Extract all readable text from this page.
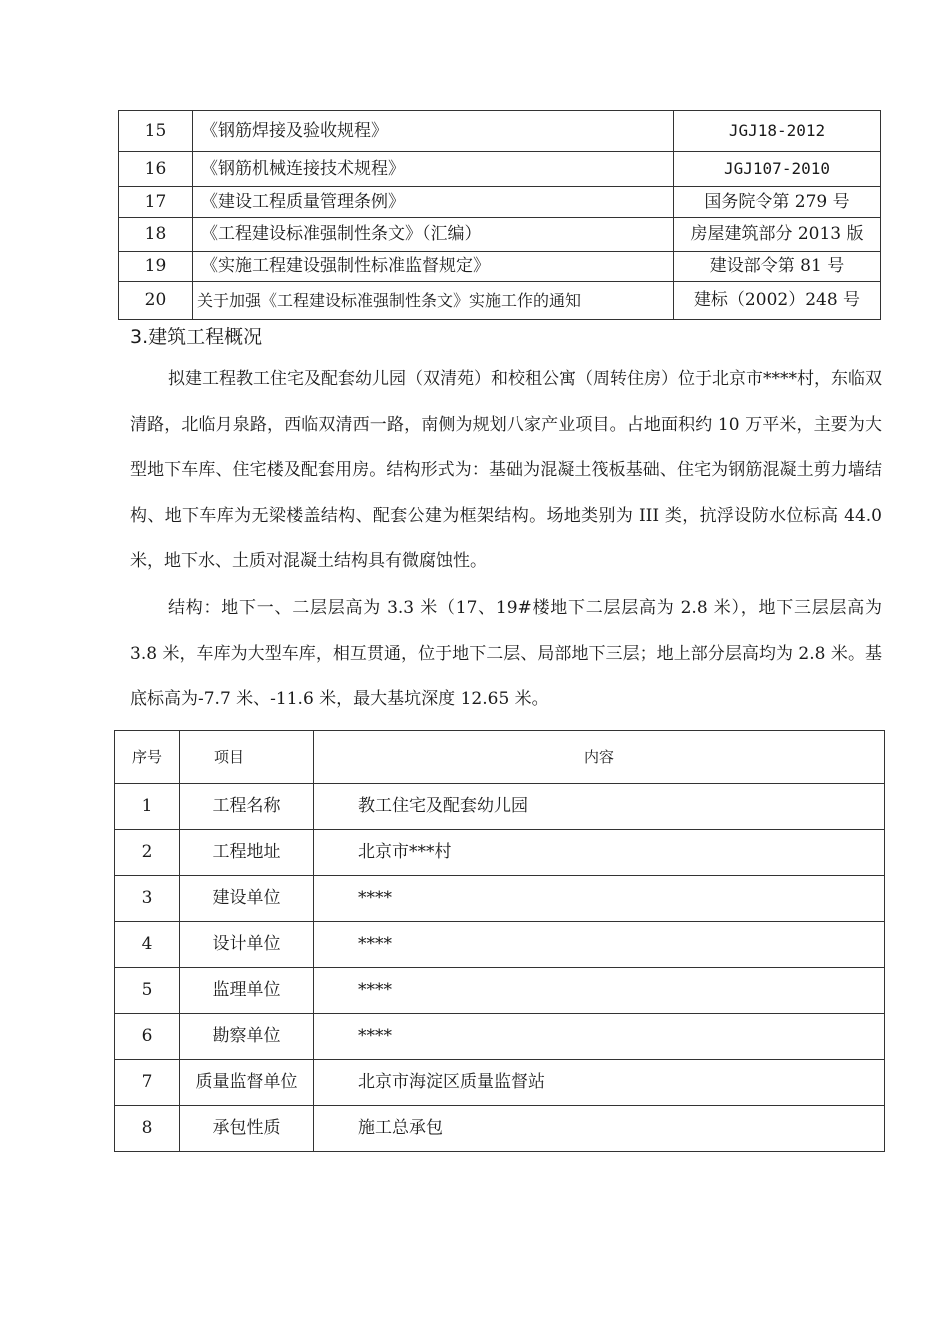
15	《钢筋焊接及验收规程》	JGJ18-2012
16	《钢筋机械连接技术规程》	JGJ107-2010
17	《建设工程质量管理条例》	国务院令第 279 号
18	《工程建设标准强制性条文》（汇编）	房屋建筑部分 2013 版
19	《实施工程建设强制性标准监督规定》	建设部令第 81 号
20	关于加强《工程建设标准强制性条文》实施工作的通知	建标（2002）248 号
3.建筑工程概况

拟建工程教工住宅及配套幼儿园（双清苑）和校租公寓（周转住房）位于北京市****村，东临双清路，北临月泉路，西临双清西一路，南侧为规划八家产业项目。占地面积约 10 万平米，主要为大型地下车库、住宅楼及配套用房。结构形式为：基础为混凝土筏板基础、住宅为钢筋混凝土剪力墙结构、地下车库为无梁楼盖结构、配套公建为框架结构。场地类别为 III 类，抗浮设防水位标高 44.0 米，地下水、土质对混凝土结构具有微腐蚀性。

结构：地下一、二层层高为 3.3 米（17、19#楼地下二层层高为 2.8 米），地下三层层高为 3.8 米，车库为大型车库，相互贯通，位于地下二层、局部地下三层；地上部分层高均为 2.8 米。基底标高为-7.7 米、-11.6 米，最大基坑深度 12.65 米。

序号	项目	内容
1	工程名称	教工住宅及配套幼儿园
2	工程地址	北京市***村
3	建设单位	****
4	设计单位	****
5	监理单位	****
6	勘察单位	****
7	质量监督单位	北京市海淀区质量监督站
8	承包性质	施工总承包
